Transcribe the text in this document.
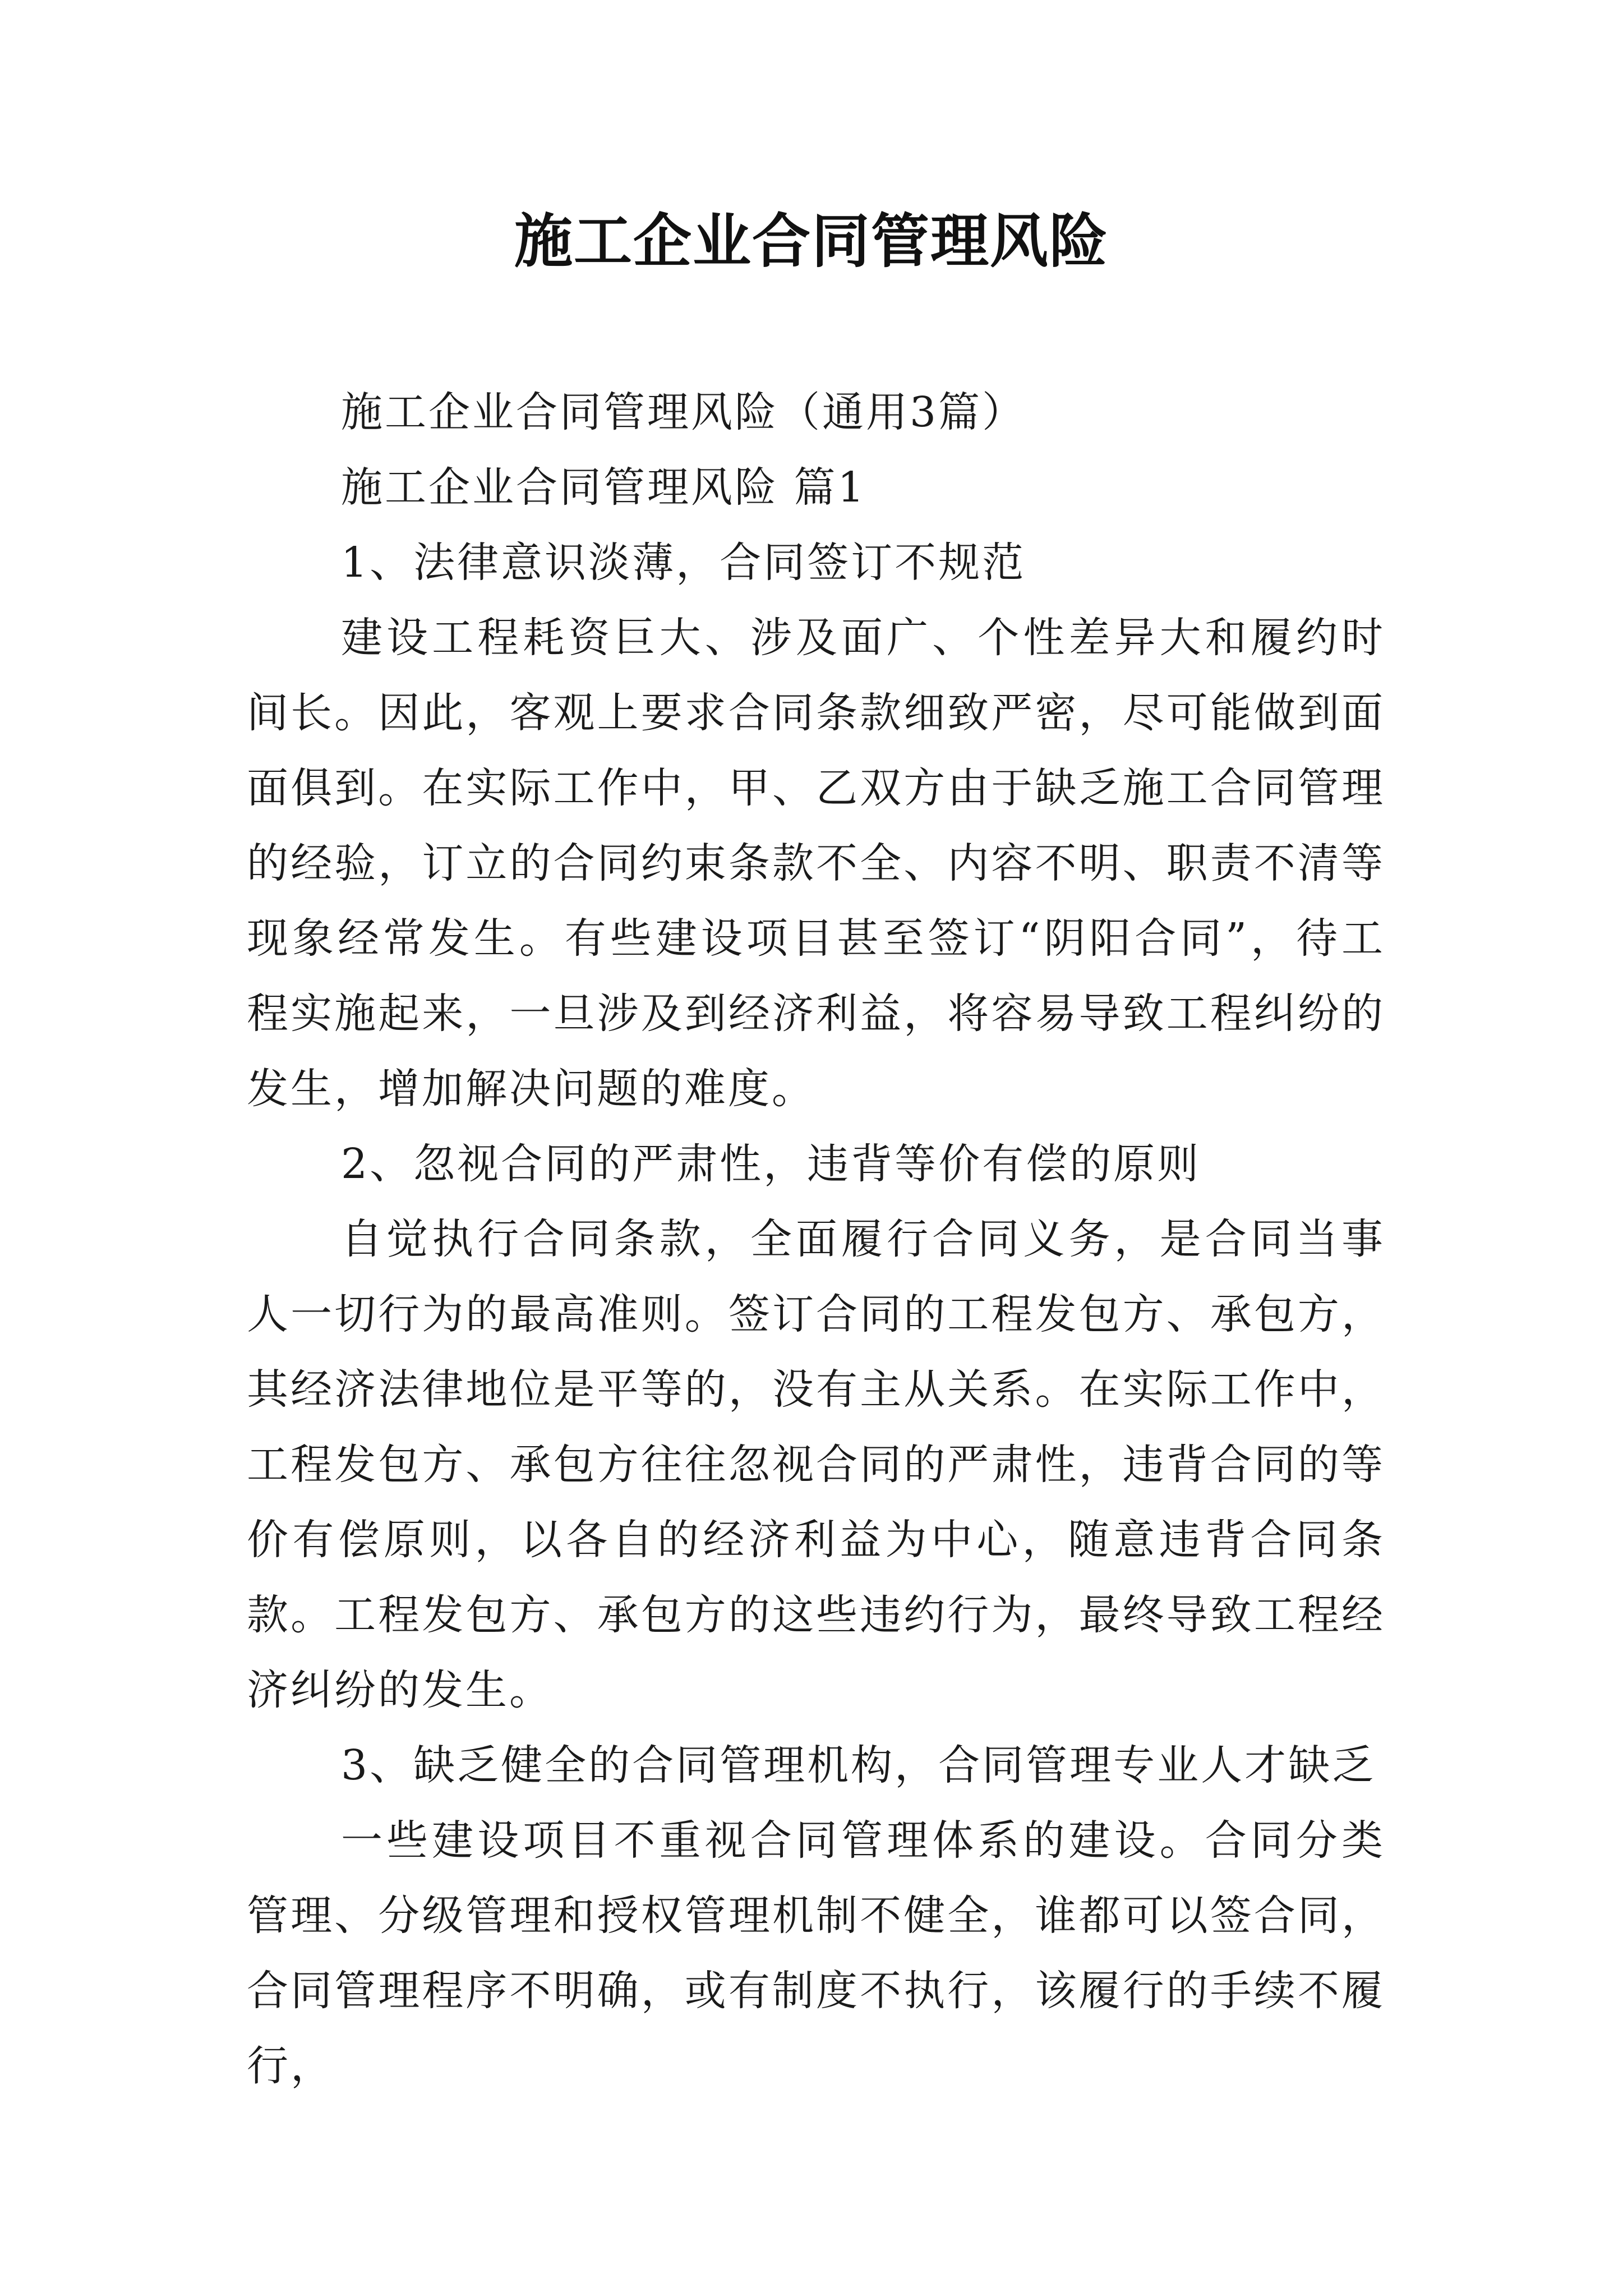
施工企业合同管理风险

施工企业合同管理风险（通用3篇）

施工企业合同管理风险 篇1

1、法律意识淡薄，合同签订不规范

建设工程耗资巨大、涉及面广、个性差异大和履约时间长。因此，客观上要求合同条款细致严密，尽可能做到面面俱到。在实际工作中，甲、乙双方由于缺乏施工合同管理的经验，订立的合同约束条款不全、内容不明、职责不清等现象经常发生。有些建设项目甚至签订“阴阳合同”，待工程实施起来，一旦涉及到经济利益，将容易导致工程纠纷的发生，增加解决问题的难度。

2、忽视合同的严肃性，违背等价有偿的原则

自觉执行合同条款，全面履行合同义务，是合同当事人一切行为的最高准则。签订合同的工程发包方、承包方，其经济法律地位是平等的，没有主从关系。在实际工作中，工程发包方、承包方往往忽视合同的严肃性，违背合同的等价有偿原则，以各自的经济利益为中心，随意违背合同条款。工程发包方、承包方的这些违约行为，最终导致工程经济纠纷的发生。

3、缺乏健全的合同管理机构，合同管理专业人才缺乏

一些建设项目不重视合同管理体系的建设。合同分类管理、分级管理和授权管理机制不健全，谁都可以签合同，合同管理程序不明确，或有制度不执行，该履行的手续不履行，
